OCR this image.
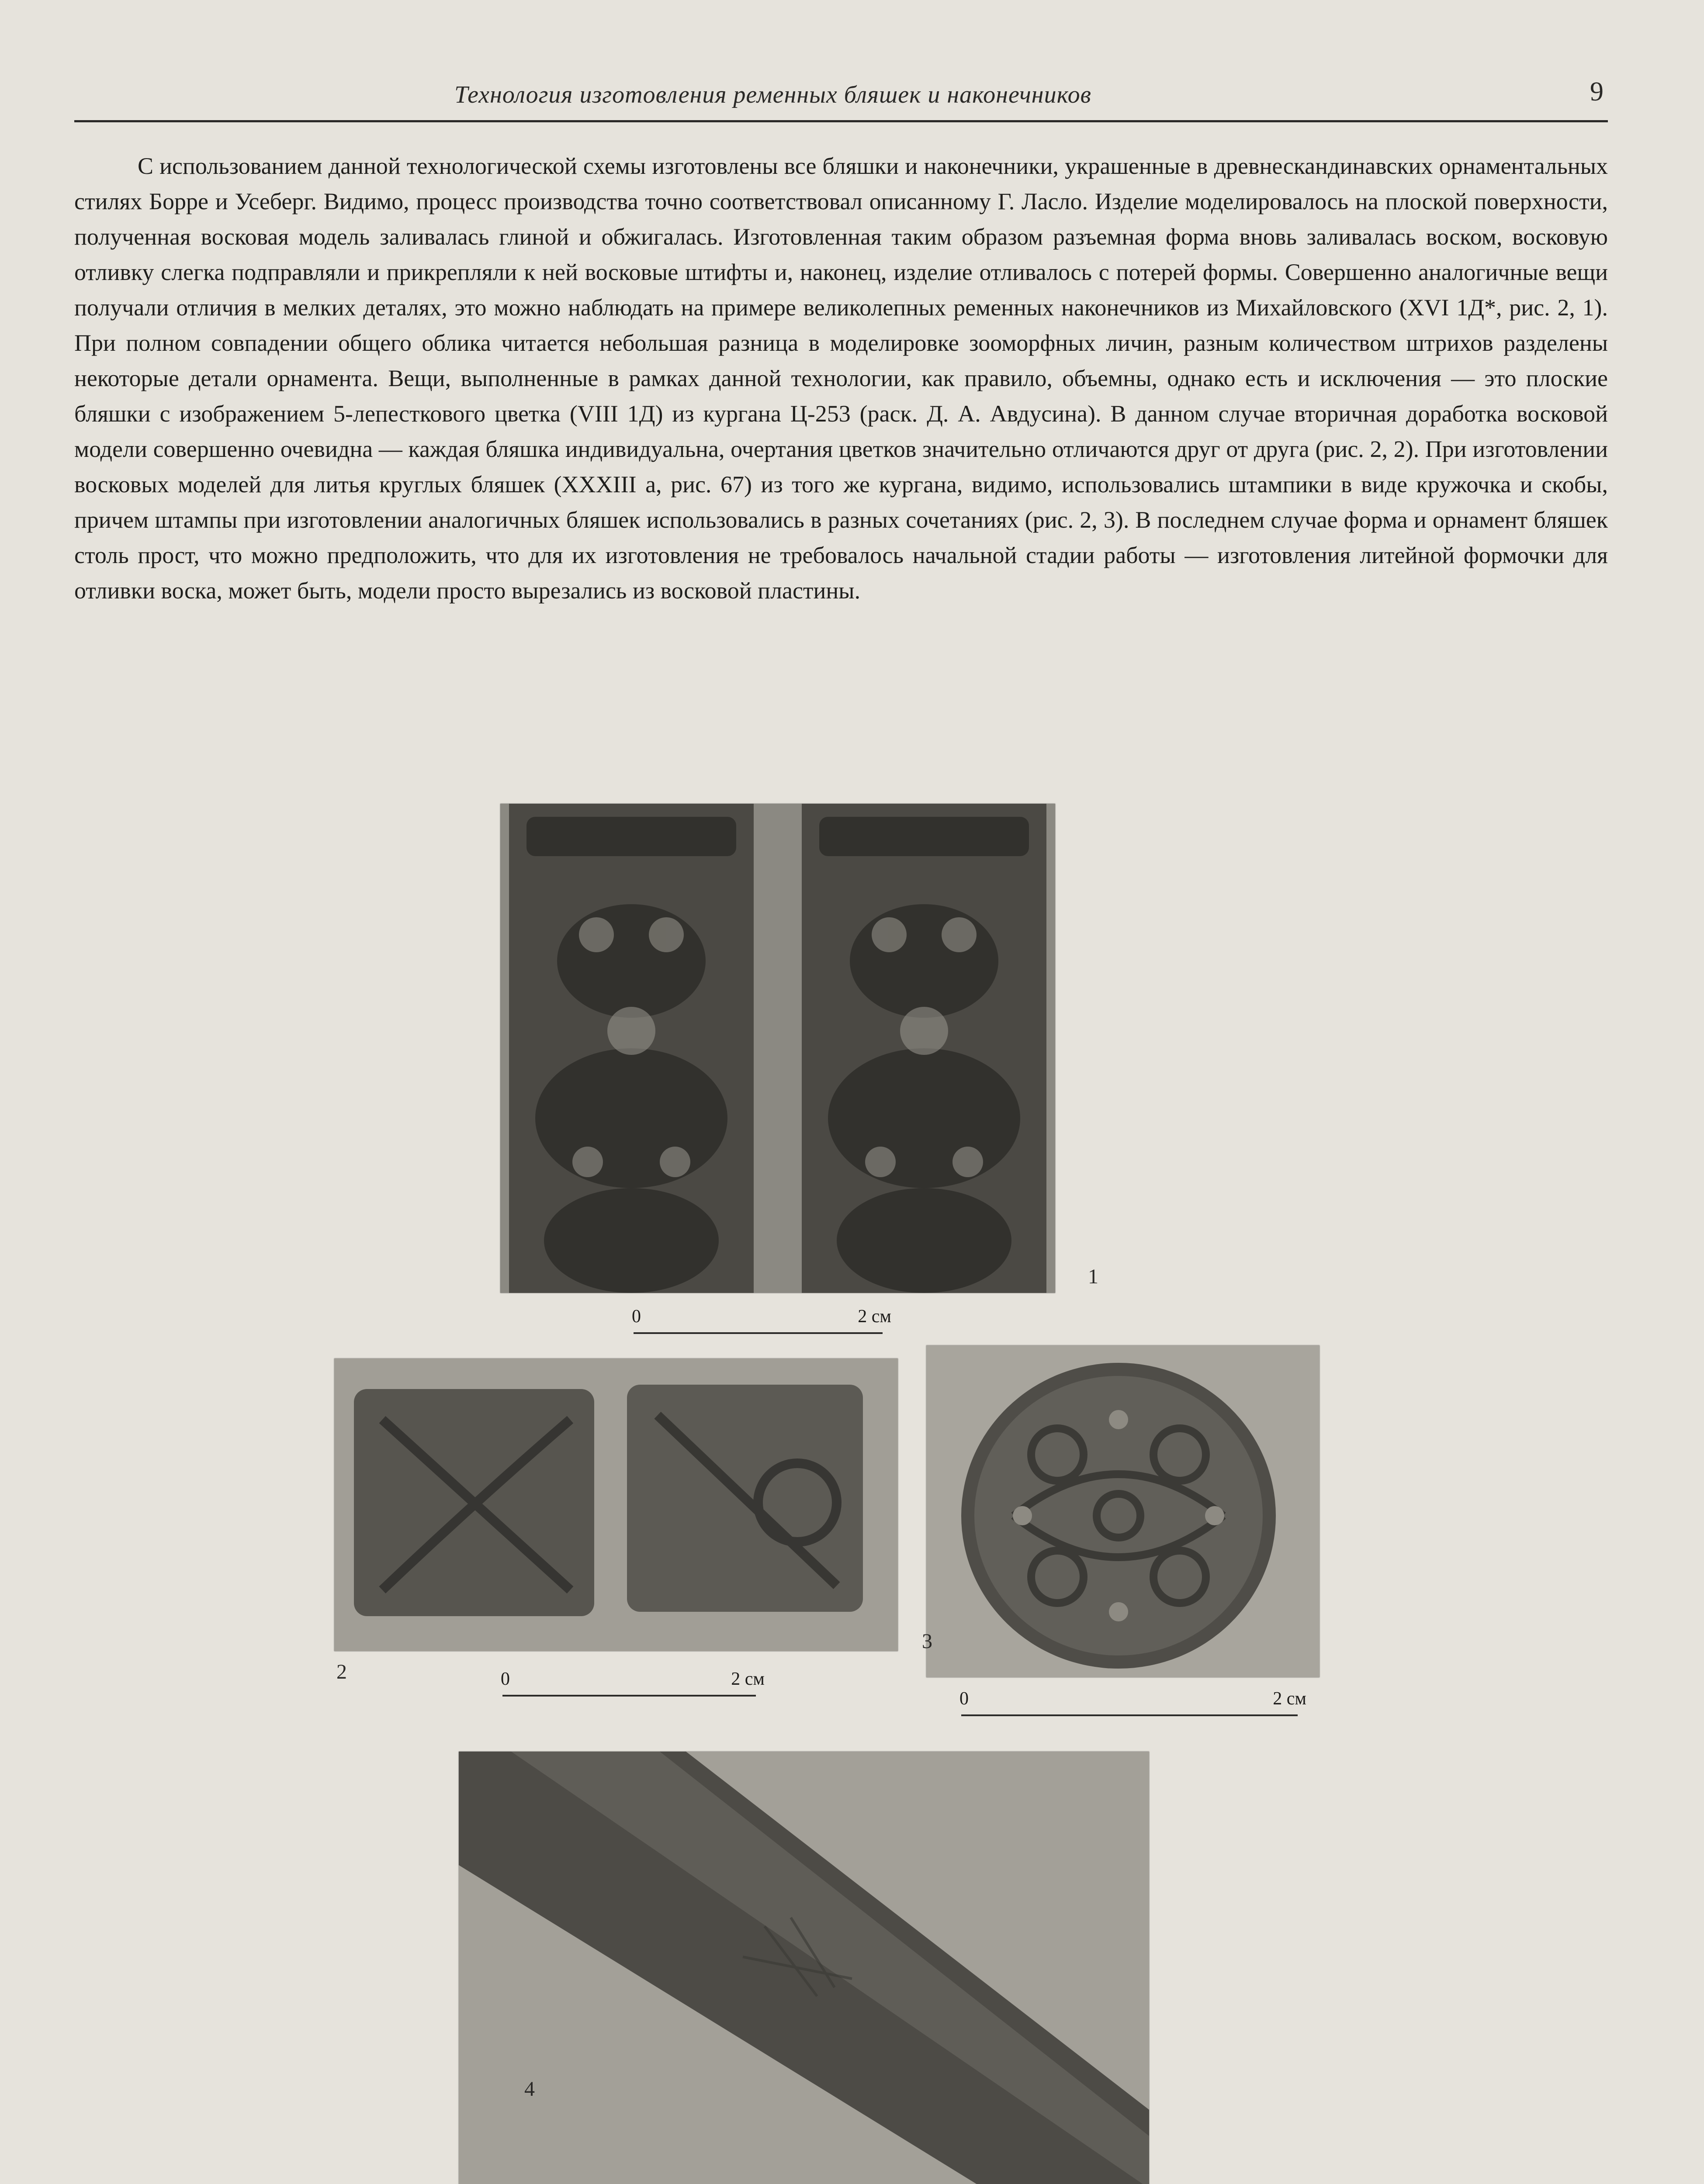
Технология изготовления ременных бляшек и наконечников	9

С использованием данной технологической схемы изготовлены все бляшки и наконечники, украшенные в древнескандинавских орнаментальных стилях Борре и Усеберг. Видимо, процесс производства точно соответствовал описанному Г. Ласло. Изделие моделировалось на плоской поверхности, полученная восковая модель заливалась глиной и обжигалась. Изготовленная таким образом разъемная форма вновь заливалась воском, восковую отливку слегка подправляли и прикрепляли к ней восковые штифты и, наконец, изделие отливалось с потерей формы. Совершенно аналогичные вещи получали отличия в мелких деталях, это можно наблюдать на примере великолепных ременных наконечников из Михайловского (XVI 1Д*, рис. 2, 1). При полном совпадении общего облика читается небольшая разница в моделировке зооморфных личин, разным количеством штрихов разделены некоторые детали орнамента. Вещи, выполненные в рамках данной технологии, как правило, объемны, однако есть и исключения — это плоские бляшки с изображением 5-лепесткового цветка (VIII 1Д) из кургана Ц-253 (раск. Д. А. Авдусина). В данном случае вторичная доработка восковой модели совершенно очевидна — каждая бляшка индивидуальна, очертания цветков значительно отличаются друг от друга (рис. 2, 2). При изготовлении восковых моделей для литья круглых бляшек (XXXIII а, рис. 67) из того же кургана, видимо, использовались штампики в виде кружочка и скобы, причем штампы при изготовлении аналогичных бляшек использовались в разных сочетаниях (рис. 2, 3). В последнем случае форма и орнамент бляшек столь прост, что можно предположить, что для их изготовления не требовалось начальной стадии работы — изготовления литейной формочки для отливки воска, может быть, модели просто вырезались из восковой пластины.

1
0	2 см
2	0	2 см
3
0	2 см
4
